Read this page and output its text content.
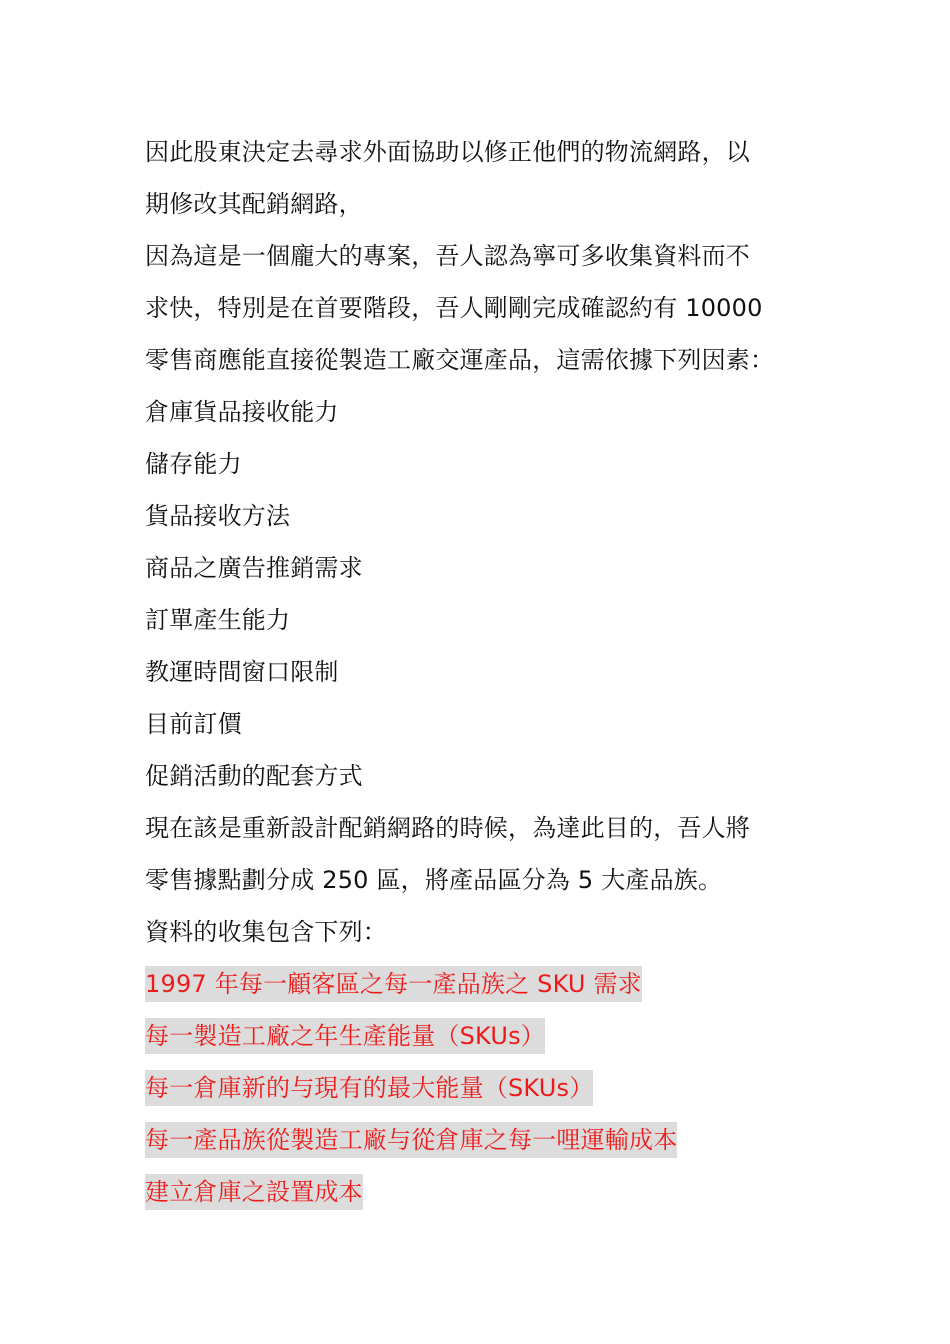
因此股東決定去尋求外面協助以修正他們的物流網路，以
期修改其配銷網路，
因為這是一個龐大的專案，吾人認為寧可多收集資料而不
求快，特別是在首要階段，吾人剛剛完成確認約有 10000
零售商應能直接從製造工廠交運產品，這需依據下列因素：
倉庫貨品接收能力
儲存能力
貨品接收方法
商品之廣告推銷需求
訂單產生能力
教運時間窗口限制
目前訂價
促銷活動的配套方式
現在該是重新設計配銷網路的時候，為達此目的，吾人將
零售據點劃分成 250 區，將產品區分為 5 大產品族。
資料的收集包含下列：
1997 年每一顧客區之每一產品族之 SKU 需求
每一製造工廠之年生產能量（SKUs）
每一倉庫新的与現有的最大能量（SKUs）
每一產品族從製造工廠与從倉庫之每一哩運輸成本
建立倉庫之設置成本
